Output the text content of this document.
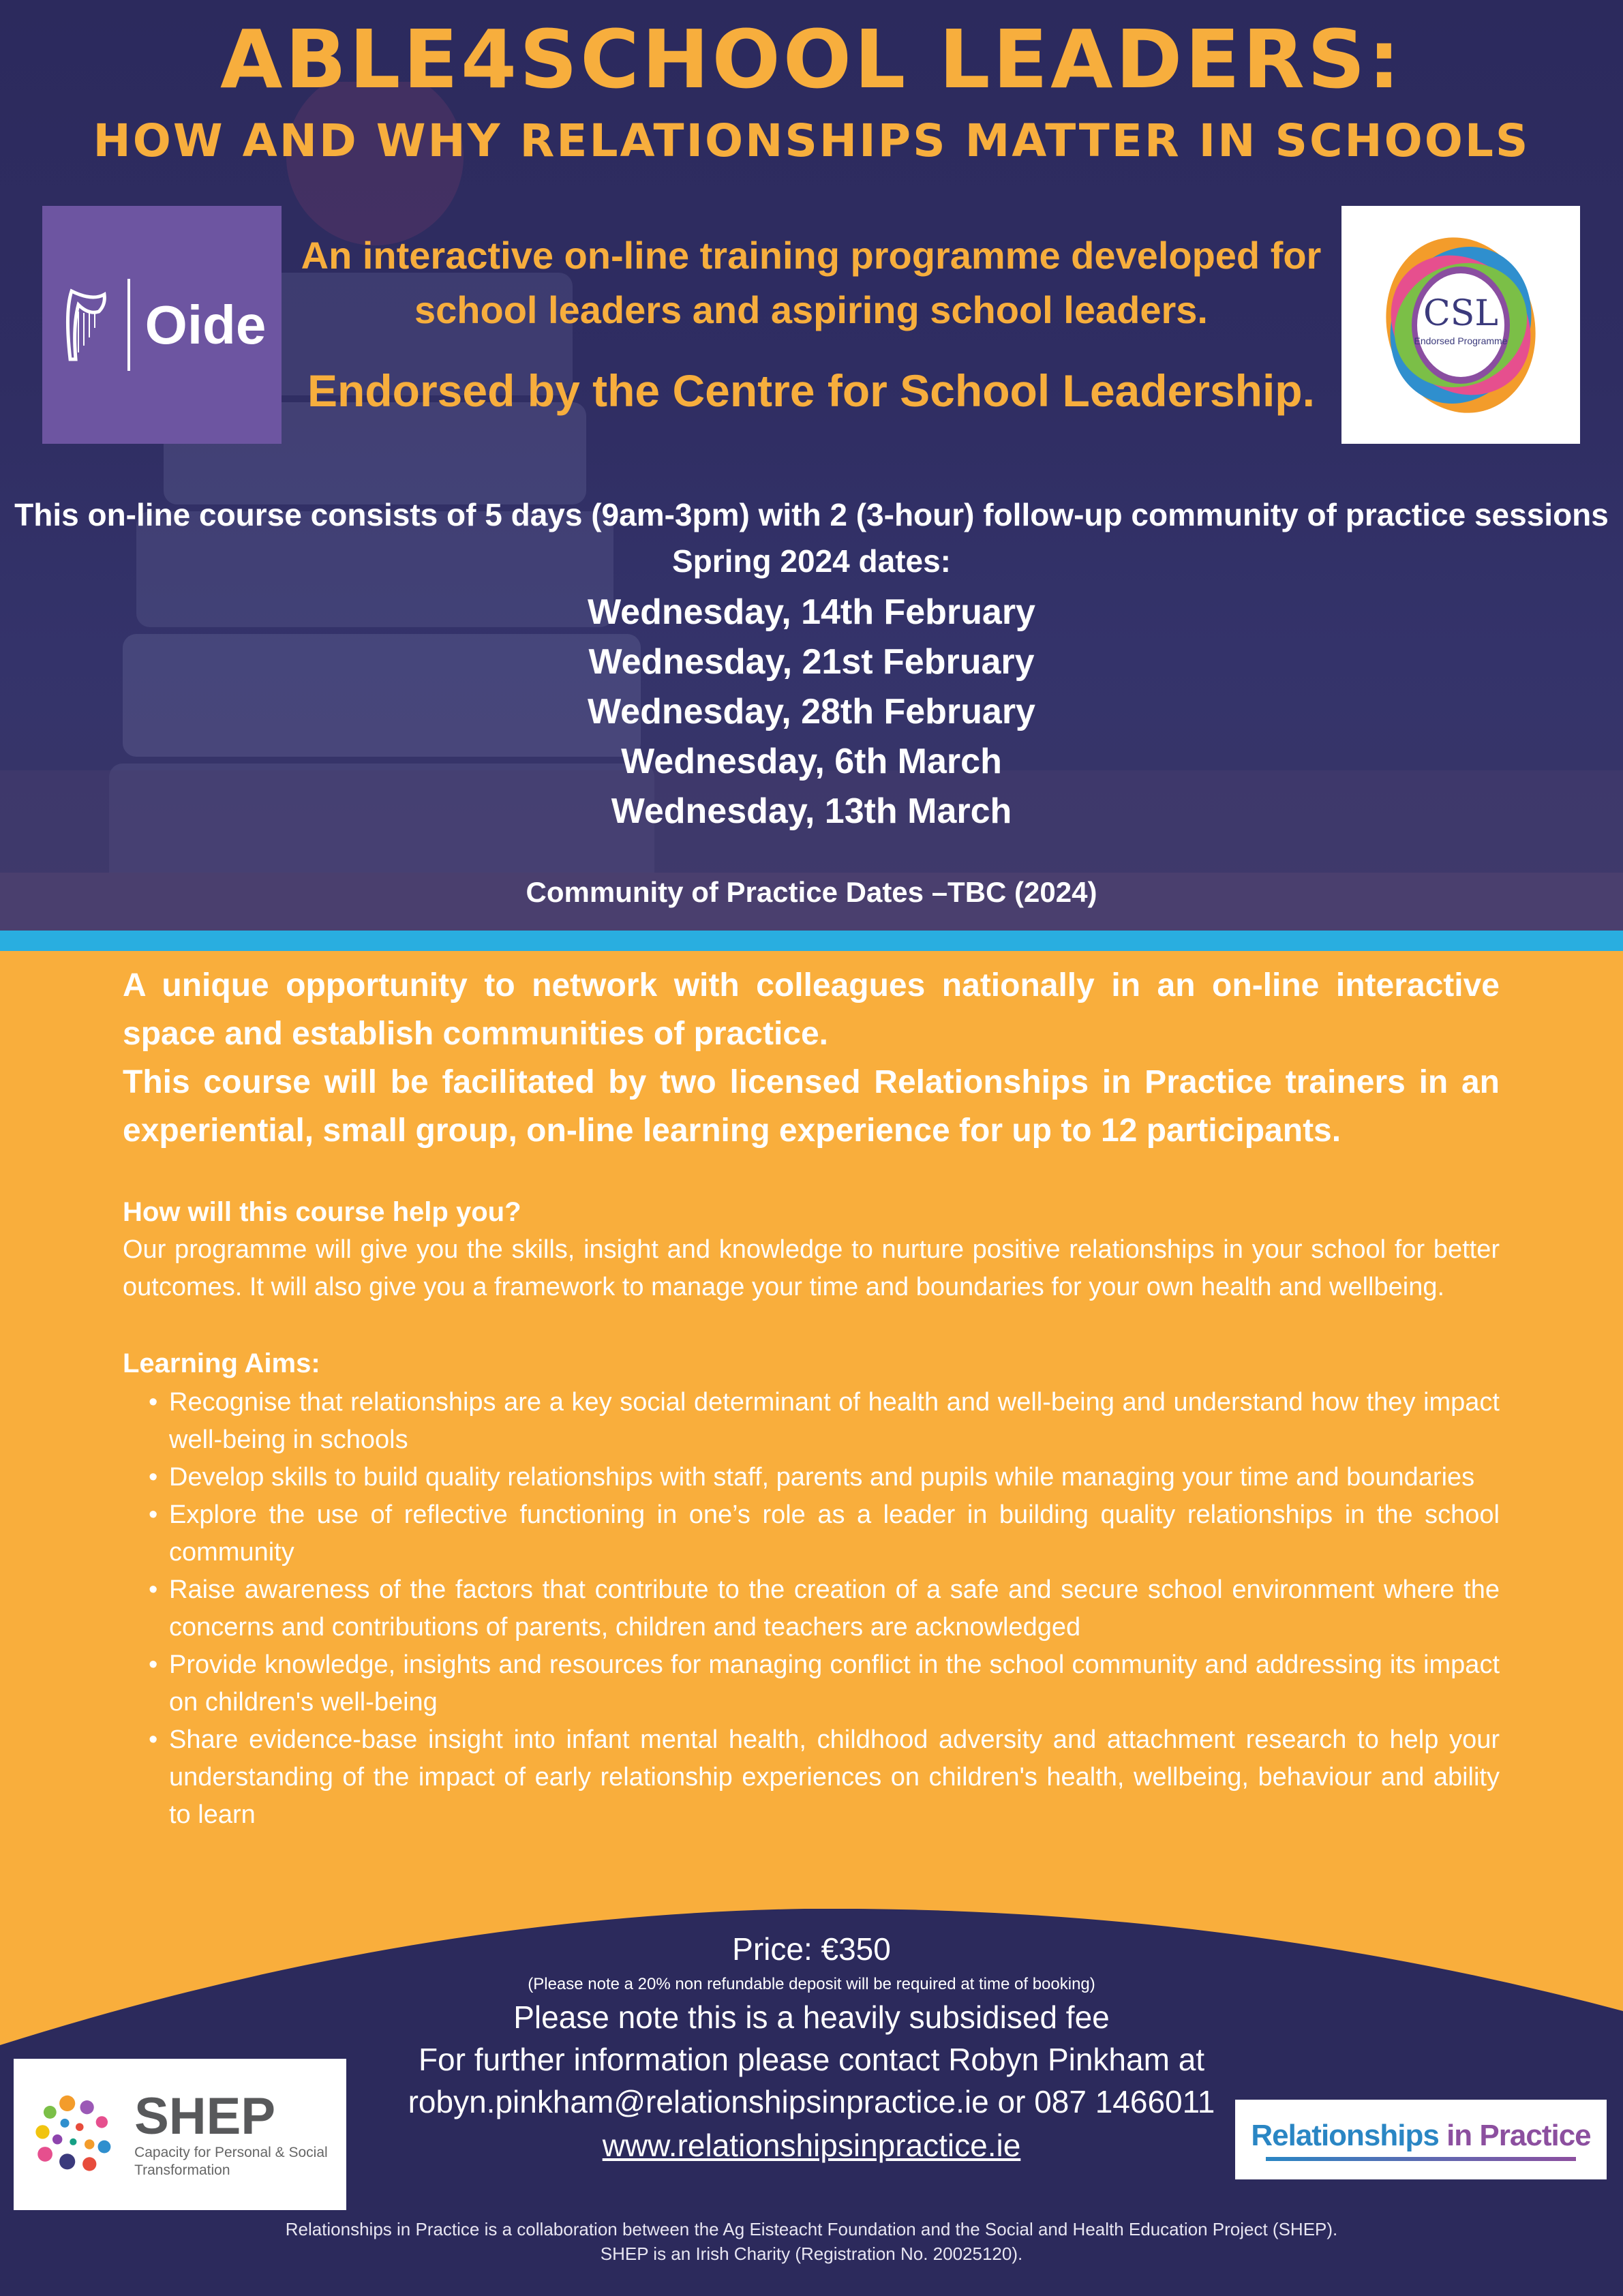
ABLE4SCHOOL LEADERS:
HOW AND WHY RELATIONSHIPS MATTER IN SCHOOLS
Oide	CSL
Endorsed Programme
An interactive on-line training programme developed for school leaders and aspiring school leaders.
Endorsed by the Centre for School Leadership.
This on-line course consists of 5 days (9am-3pm) with 2 (3-hour) follow-up community of practice sessions
Spring 2024 dates:
Wednesday, 14th February
Wednesday, 21st February
Wednesday, 28th February
Wednesday, 6th March
Wednesday, 13th March
Community of Practice Dates –TBC (2024)

A unique opportunity to network with colleagues nationally in an on-line interactive space and establish communities of practice.

This course will be facilitated by two licensed Relationships in Practice trainers in an experiential, small group, on-line learning experience for up to 12 participants.

How will this course help you?
Our programme will give you the skills, insight and knowledge to nurture positive relationships in your school for better outcomes. It will also give you a framework to manage your time and boundaries for your own health and wellbeing.
Learning Aims:
• Recognise that relationships are a key social determinant of health and well-being and understand how they impact well-being in schools
• Develop skills to build quality relationships with staff, parents and pupils while managing your time and boundaries
• Explore the use of reflective functioning in one’s role as a leader in building quality relationships in the school community
• Raise awareness of the factors that contribute to the creation of a safe and secure school environment where the concerns and contributions of parents, children and teachers are acknowledged
• Provide knowledge, insights and resources for managing conflict in the school community and addressing its impact on children's well-being
• Share evidence-base insight into infant mental health, childhood adversity and attachment research to help your understanding of the impact of early relationship experiences on children's health, wellbeing, behaviour and ability to learn
Price: €350
(Please note a 20% non refundable deposit will be required at time of booking)
Please note this is a heavily subsidised fee
For further information please contact Robyn Pinkham at
robyn.pinkham@relationshipsinpractice.ie or 087 1466011
www.relationshipsinpractice.ie
SHEP
Capacity for Personal & Social Transformation
Relationships in Practice
Relationships in Practice is a collaboration between the Ag Eisteacht Foundation and the Social and Health Education Project (SHEP).
SHEP is an Irish Charity (Registration No. 20025120).
